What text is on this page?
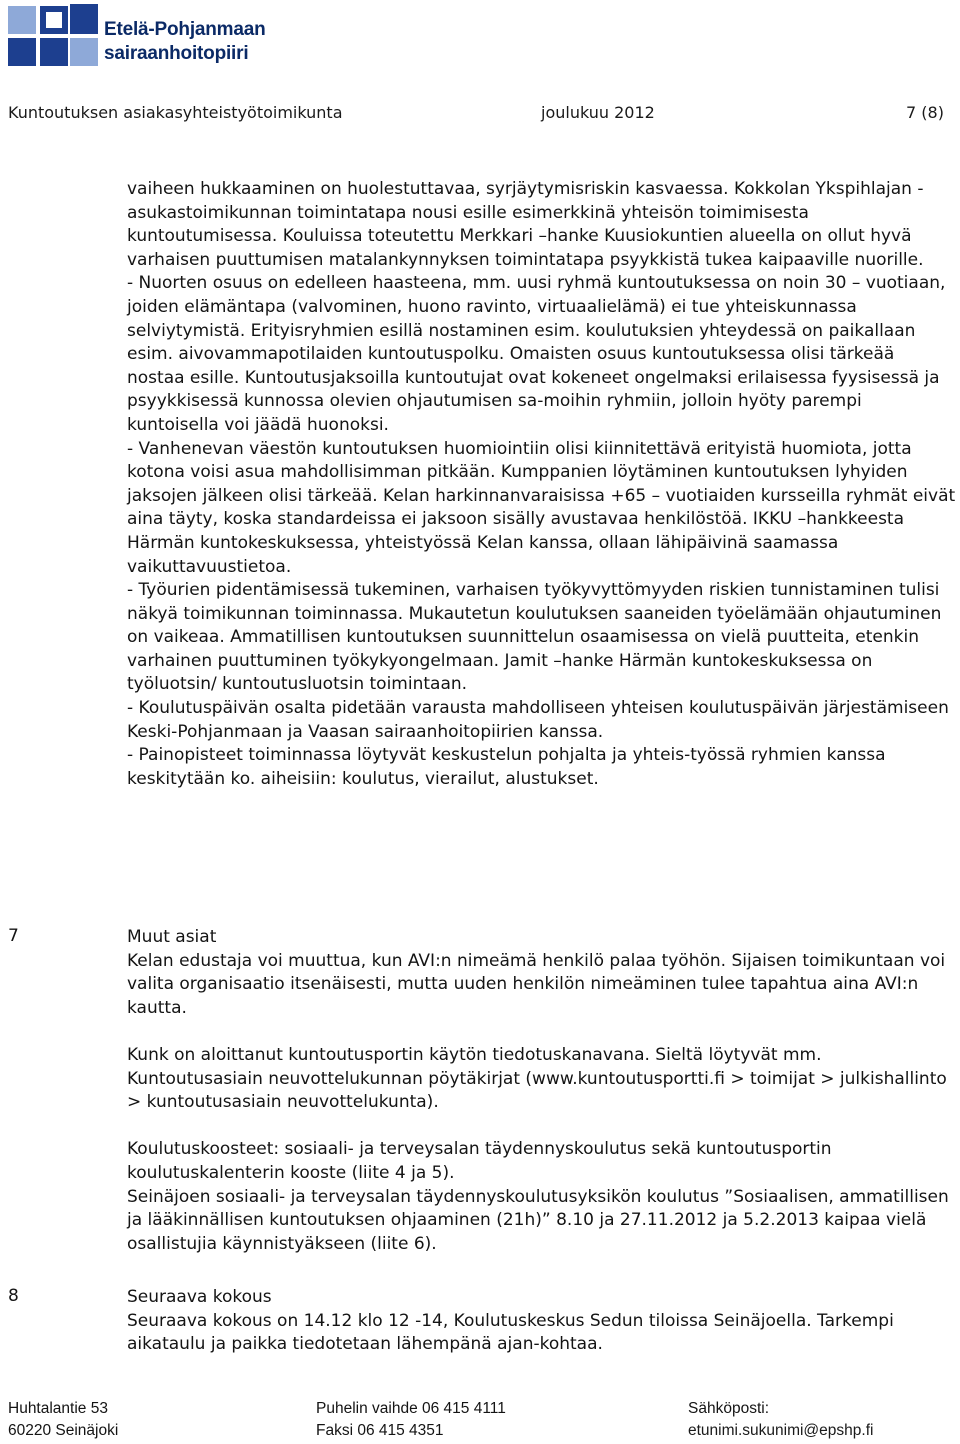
Etelä-Pohjanmaan
sairaanhoitopiiri
Kuntoutuksen asiakasyhteistyötoimikunta	joulukuu 2012	7 (8)

vaiheen hukkaaminen on huolestuttavaa, syrjäytymisriskin kasvaessa. Kokkolan Ykspihlajan -asukastoimikunnan toimintatapa nousi esille esimerkkinä yhteisön toimimisesta kuntoutumisessa. Kouluissa toteutettu Merkkari –hanke Kuusiokuntien alueella on ollut hyvä varhaisen puuttumisen matalankynnyksen toimintatapa psyykkistä tukea kaipaaville nuorille.

- Nuorten osuus on edelleen haasteena, mm. uusi ryhmä kuntoutuksessa on noin 30 – vuotiaan, joiden elämäntapa (valvominen, huono ravinto, virtuaalielämä) ei tue yhteiskunnassa selviytymistä. Erityisryhmien esillä nostaminen esim. koulutuksien yhteydessä on paikallaan esim. aivovammapotilaiden kuntoutuspolku. Omaisten osuus kuntoutuksessa olisi tärkeää nostaa esille. Kuntoutusjaksoilla kuntoutujat ovat kokeneet ongelmaksi erilaisessa fyysisessä ja psyykkisessä kunnossa olevien ohjautumisen sa-moihin ryhmiin, jolloin hyöty parempi kuntoisella voi jäädä huonoksi.

- Vanhenevan väestön kuntoutuksen huomiointiin olisi kiinnitettävä erityistä huomiota, jotta kotona voisi asua mahdollisimman pitkään. Kumppanien löytäminen kuntoutuksen lyhyiden jaksojen jälkeen olisi tärkeää. Kelan harkinnanvaraisissa +65 – vuotiaiden kursseilla ryhmät eivät aina täyty, koska standardeissa ei jaksoon sisälly avustavaa henkilöstöä. IKKU –hankkeesta Härmän kuntokeskuksessa, yhteistyössä Kelan kanssa, ollaan lähipäivinä saamassa vaikuttavuustietoa.

- Työurien pidentämisessä tukeminen, varhaisen työkyvyttömyyden riskien tunnistaminen tulisi näkyä toimikunnan toiminnassa. Mukautetun koulutuksen saaneiden työelämään ohjautuminen on vaikeaa. Ammatillisen kuntoutuksen suunnittelun osaamisessa on vielä puutteita, etenkin varhainen puuttuminen työkykyongelmaan. Jamit –hanke Härmän kuntokeskuksessa on työluotsin/ kuntoutusluotsin toimintaan.

- Koulutuspäivän osalta pidetään varausta mahdolliseen yhteisen koulutuspäivän järjestämiseen Keski-Pohjanmaan ja Vaasan sairaanhoitopiirien kanssa.

- Painopisteet toiminnassa löytyvät keskustelun pohjalta ja yhteis-työssä ryhmien kanssa keskitytään ko. aiheisiin: koulutus, vierailut, alustukset.

7	Muut asiat

Kelan edustaja voi muuttua, kun AVI:n nimeämä henkilö palaa työhön. Sijaisen toimikuntaan voi valita organisaatio itsenäisesti, mutta uuden henkilön nimeäminen tulee tapahtua aina AVI:n kautta.

Kunk on aloittanut kuntoutusportin käytön tiedotuskanavana. Sieltä löytyvät mm. Kuntoutusasiain neuvottelukunnan pöytäkirjat (www.kuntoutusportti.fi > toimijat > julkishallinto > kuntoutusasiain neuvottelukunta).

Koulutuskoosteet: sosiaali- ja terveysalan täydennyskoulutus sekä kuntoutusportin koulutuskalenterin kooste (liite 4 ja 5).

Seinäjoen sosiaali- ja terveysalan täydennyskoulutusyksikön koulutus ”Sosiaalisen, ammatillisen ja lääkinnällisen kuntoutuksen ohjaaminen (21h)” 8.10 ja 27.11.2012 ja 5.2.2013 kaipaa vielä osallistujia käynnistyäkseen (liite 6).

8	Seuraava kokous

Seuraava kokous on 14.12 klo 12 -14, Koulutuskeskus Sedun tiloissa Seinäjoella. Tarkempi aikataulu ja paikka tiedotetaan lähempänä ajan-kohtaa.

Huhtalantie 53
60220 Seinäjoki
Puhelin vaihde 06 415 4111
Faksi 06 415 4351
Sähköposti:
etunimi.sukunimi@epshp.fi
